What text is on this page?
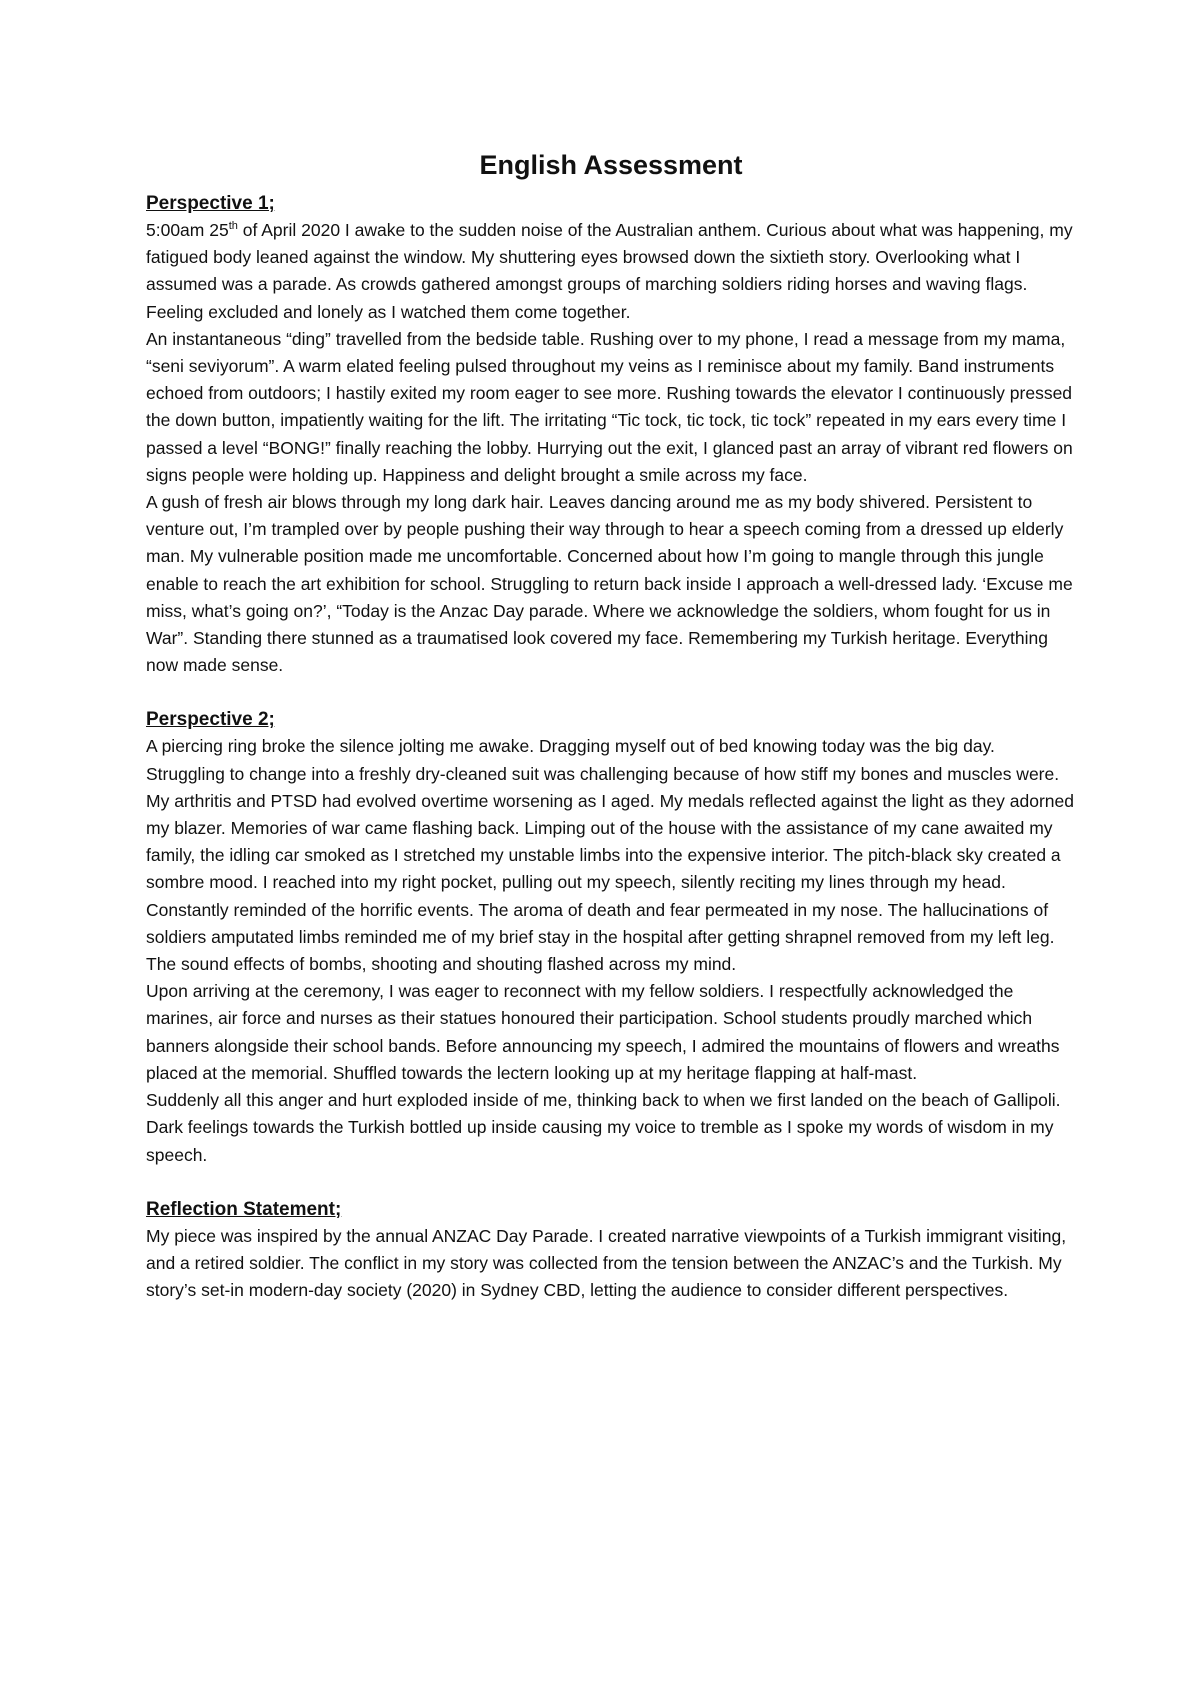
English Assessment
Perspective 1;

5:00am 25th of April 2020 I awake to the sudden noise of the Australian anthem. Curious about what was happening, my fatigued body leaned against the window. My shuttering eyes browsed down the sixtieth story. Overlooking what I assumed was a parade. As crowds gathered amongst groups of marching soldiers riding horses and waving flags. Feeling excluded and lonely as I watched them come together.

An instantaneous “ding” travelled from the bedside table. Rushing over to my phone, I read a message from my mama, “seni seviyorum”. A warm elated feeling pulsed throughout my veins as I reminisce about my family. Band instruments echoed from outdoors; I hastily exited my room eager to see more. Rushing towards the elevator I continuously pressed the down button, impatiently waiting for the lift. The irritating “Tic tock, tic tock, tic tock” repeated in my ears every time I passed a level “BONG!” finally reaching the lobby. Hurrying out the exit, I glanced past an array of vibrant red flowers on signs people were holding up. Happiness and delight brought a smile across my face.

A gush of fresh air blows through my long dark hair. Leaves dancing around me as my body shivered. Persistent to venture out, I’m trampled over by people pushing their way through to hear a speech coming from a dressed up elderly man. My vulnerable position made me uncomfortable. Concerned about how I’m going to mangle through this jungle enable to reach the art exhibition for school. Struggling to return back inside I approach a well-dressed lady. ‘Excuse me miss, what’s going on?’, “Today is the Anzac Day parade. Where we acknowledge the soldiers, whom fought for us in War”. Standing there stunned as a traumatised look covered my face. Remembering my Turkish heritage. Everything now made sense.

Perspective 2;

A piercing ring broke the silence jolting me awake. Dragging myself out of bed knowing today was the big day. Struggling to change into a freshly dry-cleaned suit was challenging because of how stiff my bones and muscles were. My arthritis and PTSD had evolved overtime worsening as I aged. My medals reflected against the light as they adorned my blazer. Memories of war came flashing back. Limping out of the house with the assistance of my cane awaited my family, the idling car smoked as I stretched my unstable limbs into the expensive interior. The pitch-black sky created a sombre mood. I reached into my right pocket, pulling out my speech, silently reciting my lines through my head. Constantly reminded of the horrific events. The aroma of death and fear permeated in my nose. The hallucinations of soldiers amputated limbs reminded me of my brief stay in the hospital after getting shrapnel removed from my left leg. The sound effects of bombs, shooting and shouting flashed across my mind.

Upon arriving at the ceremony, I was eager to reconnect with my fellow soldiers. I respectfully acknowledged the marines, air force and nurses as their statues honoured their participation. School students proudly marched which banners alongside their school bands. Before announcing my speech, I admired the mountains of flowers and wreaths placed at the memorial. Shuffled towards the lectern looking up at my heritage flapping at half-mast.

Suddenly all this anger and hurt exploded inside of me, thinking back to when we first landed on the beach of Gallipoli. Dark feelings towards the Turkish bottled up inside causing my voice to tremble as I spoke my words of wisdom in my speech.

Reflection Statement;

My piece was inspired by the annual ANZAC Day Parade. I created narrative viewpoints of a Turkish immigrant visiting, and a retired soldier. The conflict in my story was collected from the tension between the ANZAC’s and the Turkish. My story’s set-in modern-day society (2020) in Sydney CBD, letting the audience to consider different perspectives.
